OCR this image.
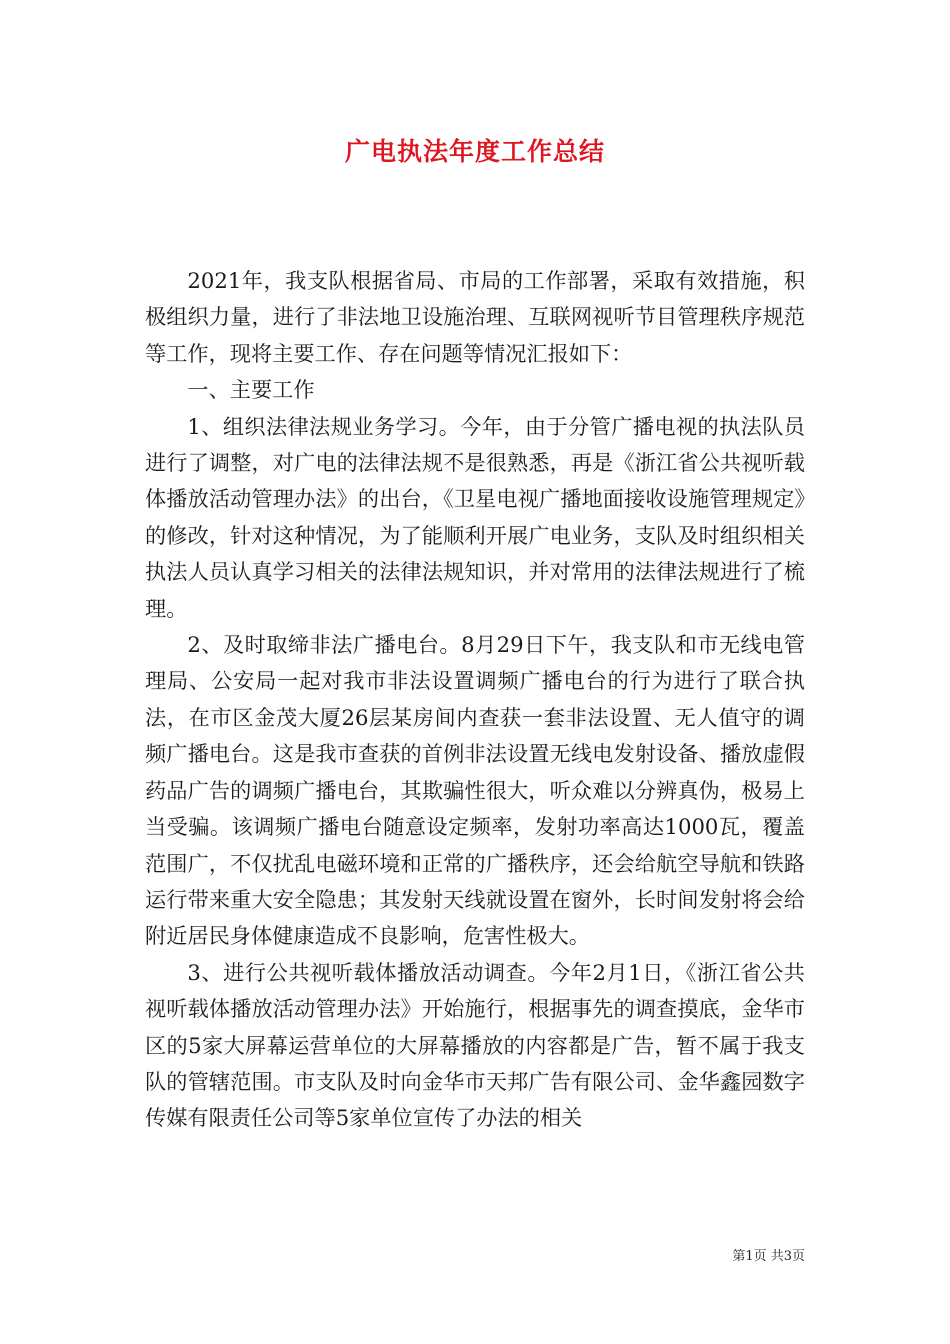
广电执法年度工作总结

2021年，我支队根据省局、市局的工作部署，采取有效措施，积极组织力量，进行了非法地卫设施治理、互联网视听节目管理秩序规范等工作，现将主要工作、存在问题等情况汇报如下：

一、主要工作

1、组织法律法规业务学习。今年，由于分管广播电视的执法队员进行了调整，对广电的法律法规不是很熟悉，再是《浙江省公共视听载体播放活动管理办法》的出台，《卫星电视广播地面接收设施管理规定》的修改，针对这种情况，为了能顺利开展广电业务，支队及时组织相关执法人员认真学习相关的法律法规知识，并对常用的法律法规进行了梳理。

2、及时取缔非法广播电台。8月29日下午，我支队和市无线电管理局、公安局一起对我市非法设置调频广播电台的行为进行了联合执法，在市区金茂大厦26层某房间内查获一套非法设置、无人值守的调频广播电台。这是我市查获的首例非法设置无线电发射设备、播放虚假药品广告的调频广播电台，其欺骗性很大，听众难以分辨真伪，极易上当受骗。该调频广播电台随意设定频率，发射功率高达1000瓦，覆盖范围广，不仅扰乱电磁环境和正常的广播秩序，还会给航空导航和铁路运行带来重大安全隐患；其发射天线就设置在窗外，长时间发射将会给附近居民身体健康造成不良影响，危害性极大。

3、进行公共视听载体播放活动调查。今年2月1日，《浙江省公共视听载体播放活动管理办法》开始施行，根据事先的调查摸底，金华市区的5家大屏幕运营单位的大屏幕播放的内容都是广告，暂不属于我支队的管辖范围。市支队及时向金华市天邦广告有限公司、金华鑫园数字传媒有限责任公司等5家单位宣传了办法的相关

第1页 共3页
